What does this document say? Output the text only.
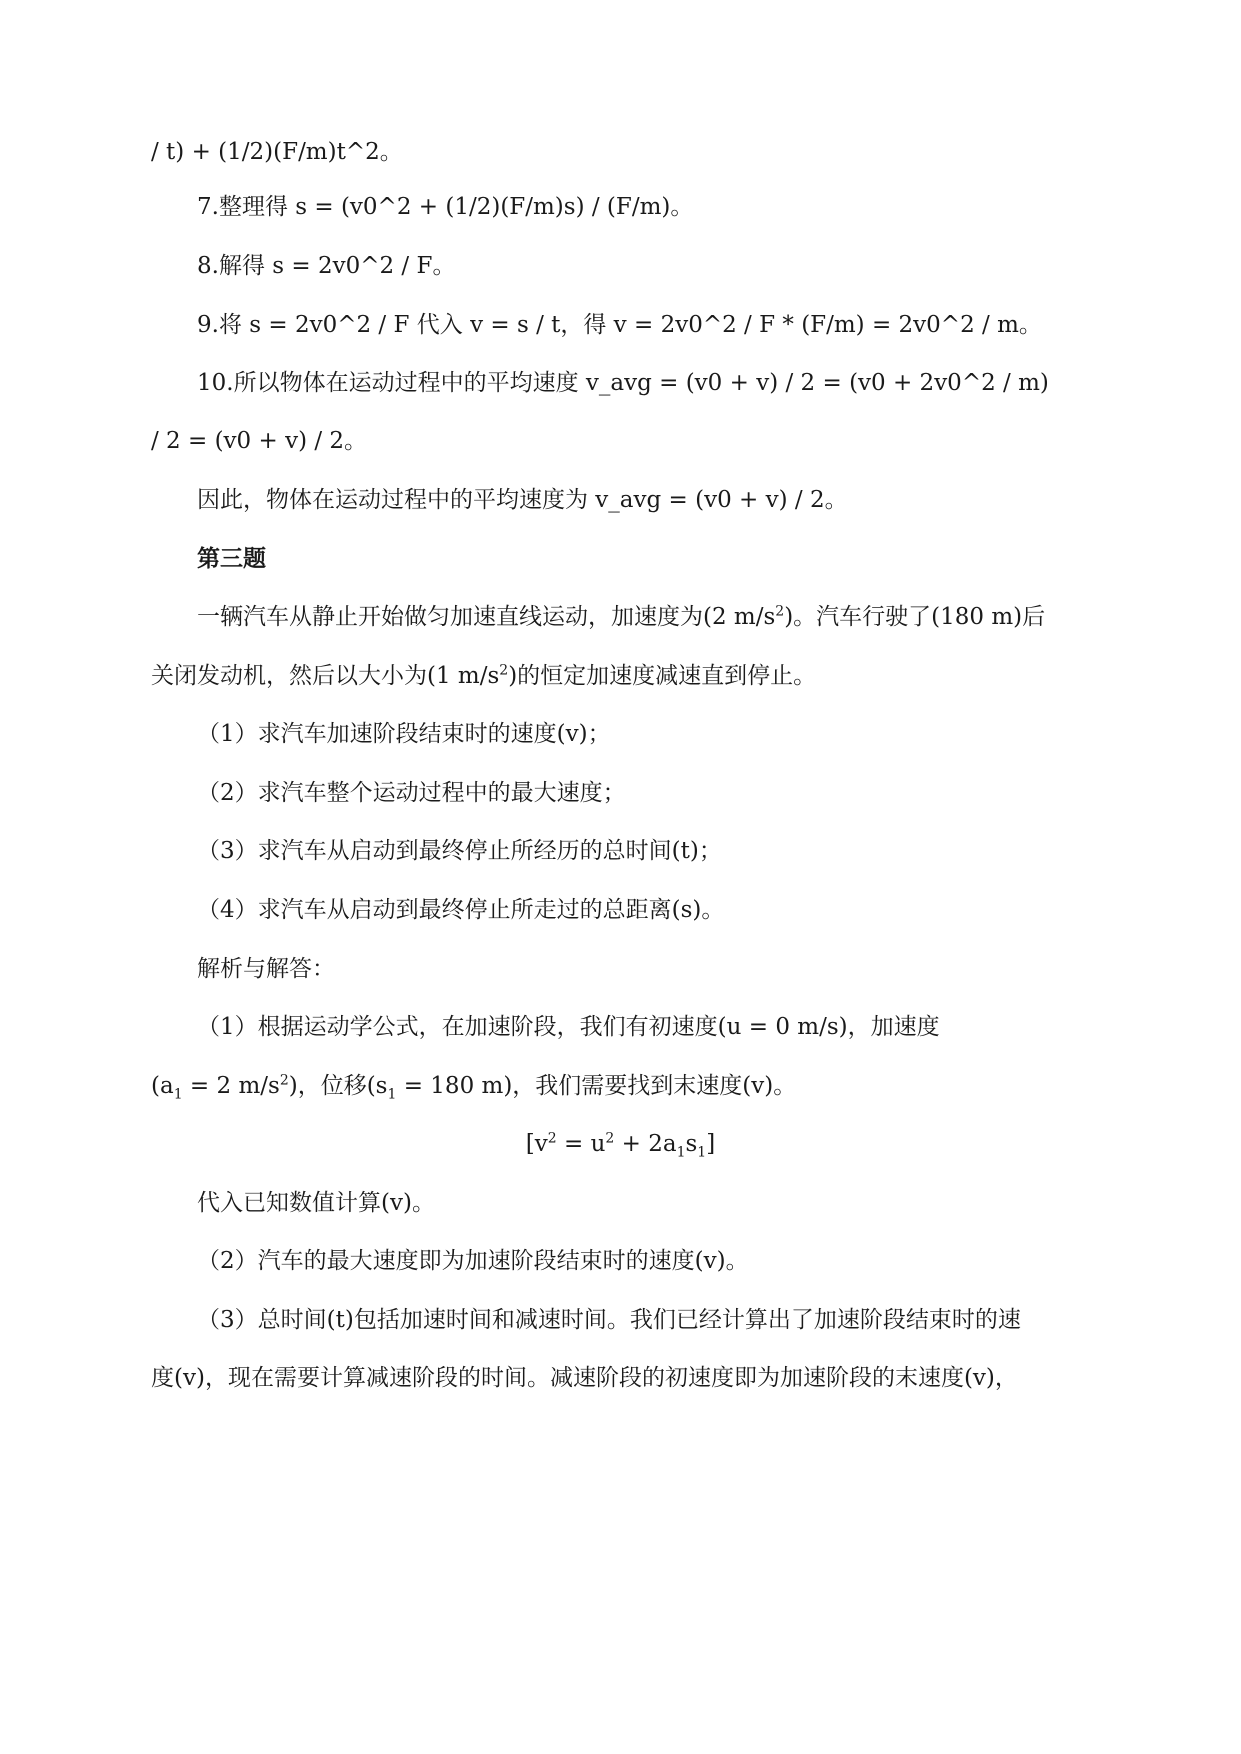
/ t) + (1/2)(F/m)t^2。
7.整理得 s = (v0^2 + (1/2)(F/m)s) / (F/m)。
8.解得 s = 2v0^2 / F。
9.将 s = 2v0^2 / F 代入 v = s / t，得 v = 2v0^2 / F * (F/m) = 2v0^2 / m。
10.所以物体在运动过程中的平均速度 v_avg = (v0 + v) / 2 = (v0 + 2v0^2 / m)
/ 2 = (v0 + v) / 2。
因此，物体在运动过程中的平均速度为 v_avg = (v0 + v) / 2。
第三题
一辆汽车从静止开始做匀加速直线运动，加速度为(2 $m/s^2$)。汽车行驶了(180 m)后
关闭发动机，然后以大小为(1 $m/s^2$)的恒定加速度减速直到停止。
（1）求汽车加速阶段结束时的速度(v)；
（2）求汽车整个运动过程中的最大速度；
（3）求汽车从启动到最终停止所经历的总时间(t)；
（4）求汽车从启动到最终停止所走过的总距离(s)。
解析与解答：
（1）根据运动学公式，在加速阶段，我们有初速度(u = 0 m/s)，加速度
($a_1 = 2$ $m/s^2$)，位移($s_1 = 180$ m)，我们需要找到末速度(v)。
$[v^2 = u^2 + 2a_1s_1]$
代入已知数值计算(v)。
（2）汽车的最大速度即为加速阶段结束时的速度(v)。
（3）总时间(t)包括加速时间和减速时间。我们已经计算出了加速阶段结束时的速
度(v)，现在需要计算减速阶段的时间。减速阶段的初速度即为加速阶段的末速度(v)，
